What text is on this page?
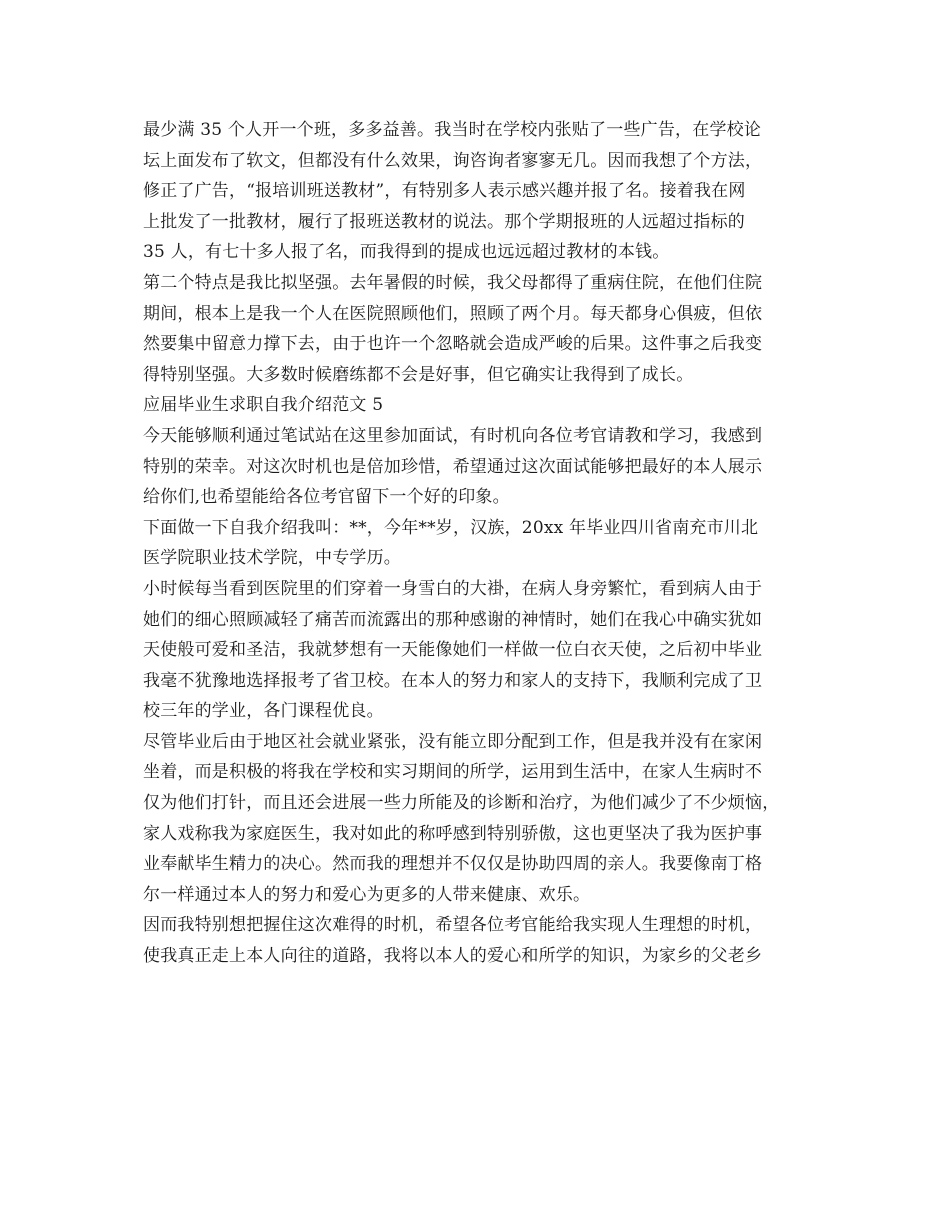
最少满 35 个人开一个班，多多益善。我当时在学校内张贴了一些广告，在学校论
坛上面发布了软文，但都没有什么效果，询咨询者寥寥无几。因而我想了个方法，
修正了广告，“报培训班送教材”，有特别多人表示感兴趣并报了名。接着我在网
上批发了一批教材，履行了报班送教材的说法。那个学期报班的人远超过指标的
35 人，有七十多人报了名，而我得到的提成也远远超过教材的本钱。
第二个特点是我比拟坚强。去年暑假的时候，我父母都得了重病住院，在他们住院
期间，根本上是我一个人在医院照顾他们，照顾了两个月。每天都身心俱疲，但依
然要集中留意力撑下去，由于也许一个忽略就会造成严峻的后果。这件事之后我变
得特别坚强。大多数时候磨练都不会是好事，但它确实让我得到了成长。
应届毕业生求职自我介绍范文 5
今天能够顺利通过笔试站在这里参加面试，有时机向各位考官请教和学习，我感到
特别的荣幸。对这次时机也是倍加珍惜，希望通过这次面试能够把最好的本人展示
给你们,也希望能给各位考官留下一个好的印象。
下面做一下自我介绍我叫：**，今年**岁，汉族，20xx 年毕业四川省南充市川北
医学院职业技术学院，中专学历。
小时候每当看到医院里的们穿着一身雪白的大褂，在病人身旁繁忙，看到病人由于
她们的细心照顾减轻了痛苦而流露出的那种感谢的神情时，她们在我心中确实犹如
天使般可爱和圣洁，我就梦想有一天能像她们一样做一位白衣天使，之后初中毕业
我毫不犹豫地选择报考了省卫校。在本人的努力和家人的支持下，我顺利完成了卫
校三年的学业，各门课程优良。
尽管毕业后由于地区社会就业紧张，没有能立即分配到工作，但是我并没有在家闲
坐着，而是积极的将我在学校和实习期间的所学，运用到生活中，在家人生病时不
仅为他们打针，而且还会进展一些力所能及的诊断和治疗，为他们减少了不少烦恼，
家人戏称我为家庭医生，我对如此的称呼感到特别骄傲，这也更坚决了我为医护事
业奉献毕生精力的决心。然而我的理想并不仅仅是协助四周的亲人。我要像南丁格
尔一样通过本人的努力和爱心为更多的人带来健康、欢乐。
因而我特别想把握住这次难得的时机，希望各位考官能给我实现人生理想的时机，
使我真正走上本人向往的道路，我将以本人的爱心和所学的知识，为家乡的父老乡
